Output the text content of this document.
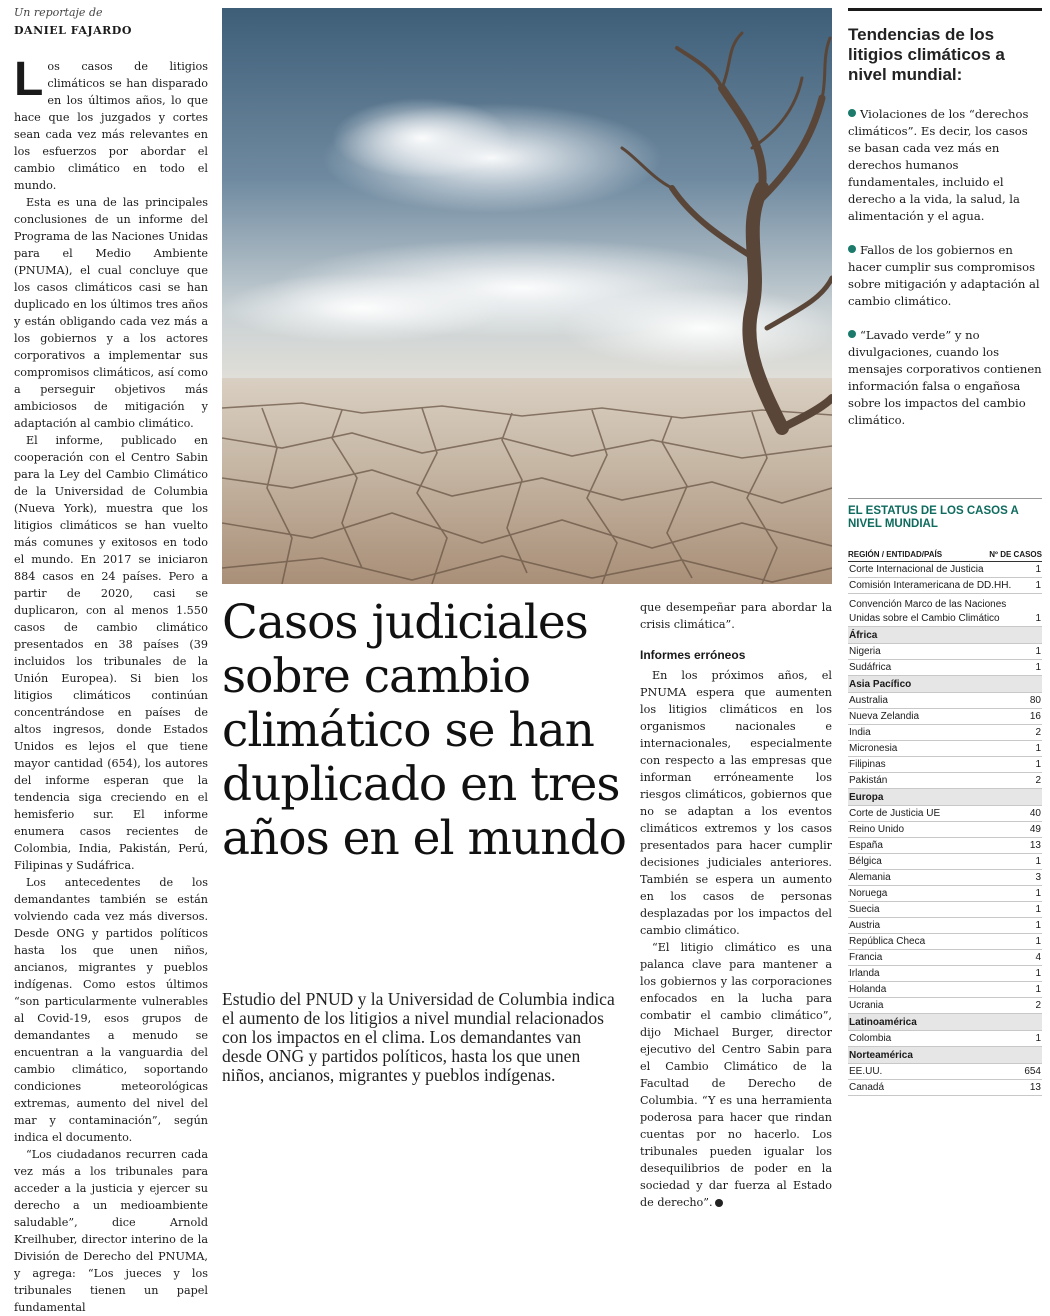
Un reportaje de
DANIEL FAJARDO

Los casos de litigios climáticos se han disparado en los últimos años, lo que hace que los juzgados y cortes sean cada vez más relevantes en los esfuerzos por abordar el cambio climático en todo el mundo.

Esta es una de las principales conclusiones de un informe del Programa de las Naciones Unidas para el Medio Ambiente (PNUMA), el cual concluye que los casos climáticos casi se han duplicado en los últimos tres años y están obligando cada vez más a los gobiernos y a los actores corporativos a implementar sus compromisos climáticos, así como a perseguir objetivos más ambiciosos de mitigación y adaptación al cambio climático.

El informe, publicado en cooperación con el Centro Sabin para la Ley del Cambio Climático de la Universidad de Columbia (Nueva York), muestra que los litigios climáticos se han vuelto más comunes y exitosos en todo el mundo. En 2017 se iniciaron 884 casos en 24 países. Pero a partir de 2020, casi se duplicaron, con al menos 1.550 casos de cambio climático presentados en 38 países (39 incluidos los tribunales de la Unión Europea). Si bien los litigios climáticos continúan concentrándose en países de altos ingresos, donde Estados Unidos es lejos el que tiene mayor cantidad (654), los autores del informe esperan que la tendencia siga creciendo en el hemisferio sur. El informe enumera casos recientes de Colombia, India, Pakistán, Perú, Filipinas y Sudáfrica.

Los antecedentes de los demandantes también se están volviendo cada vez más diversos. Desde ONG y partidos políticos hasta los que unen niños, ancianos, migrantes y pueblos indígenas. Como estos últimos “son particularmente vulnerables al Covid-19, esos grupos de demandantes a menudo se encuentran a la vanguardia del cambio climático, soportando condiciones meteorológicas extremas, aumento del nivel del mar y contaminación”, según indica el documento.

“Los ciudadanos recurren cada vez más a los tribunales para acceder a la justicia y ejercer su derecho a un medioambiente saludable”, dice Arnold Kreilhuber, director interino de la División de Derecho del PNUMA, y agrega: “Los jueces y los tribunales tienen un papel fundamental

Casos judiciales sobre cambio climático se han duplicado en tres años en el mundo
Estudio del PNUD y la Universidad de Columbia indica el aumento de los litigios a nivel mundial relacionados con los impactos en el clima. Los demandantes van desde ONG y partidos políticos, hasta los que unen niños, ancianos, migrantes y pueblos indígenas.

que desempeñar para abordar la crisis climática”.

Informes erróneos

En los próximos años, el PNUMA espera que aumenten los litigios climáticos en los organismos nacionales e internacionales, especialmente con respecto a las empresas que informan erróneamente los riesgos climáticos, gobiernos que no se adaptan a los eventos climáticos extremos y los casos presentados para hacer cumplir decisiones judiciales anteriores. También se espera un aumento en los casos de personas desplazadas por los impactos del cambio climático.

“El litigio climático es una palanca clave para mantener a los gobiernos y las corporaciones enfocados en la lucha para combatir el cambio climático”, dijo Michael Burger, director ejecutivo del Centro Sabin para el Cambio Climático de la Facultad de Derecho de Columbia. “Y es una herramienta poderosa para hacer que rindan cuentas por no hacerlo. Los tribunales pueden igualar los desequilibrios de poder en la sociedad y dar fuerza al Estado de derecho”.

Tendencias de los litigios climáticos a nivel mundial:
Violaciones de los “derechos climáticos”. Es decir, los casos se basan cada vez más en derechos humanos fundamentales, incluido el derecho a la vida, la salud, la alimentación y el agua.
Fallos de los gobiernos en hacer cumplir sus compromisos sobre mitigación y adaptación al cambio climático.
“Lavado verde” y no divulgaciones, cuando los mensajes corporativos contienen información falsa o engañosa sobre los impactos del cambio climático.
EL ESTATUS DE LOS CASOS A NIVEL MUNDIAL
REGIÓN / ENTIDAD/PAÍS	Nº DE CASOS
Corte Internacional de Justicia	1
Comisión Interamericana de DD.HH.	1
Convención Marco de las Naciones Unidas sobre el Cambio Climático	1
África
Nigeria	1
Sudáfrica	1
Asia Pacífico
Australia	80
Nueva Zelandia	16
India	2
Micronesia	1
Filipinas	1
Pakistán	2
Europa
Corte de Justicia UE	40
Reino Unido	49
España	13
Bélgica	1
Alemania	3
Noruega	1
Suecia	1
Austria	1
República Checa	1
Francia	4
Irlanda	1
Holanda	1
Ucrania	2
Latinoamérica
Colombia	1
Norteamérica
EE.UU.	654
Canadá	13
